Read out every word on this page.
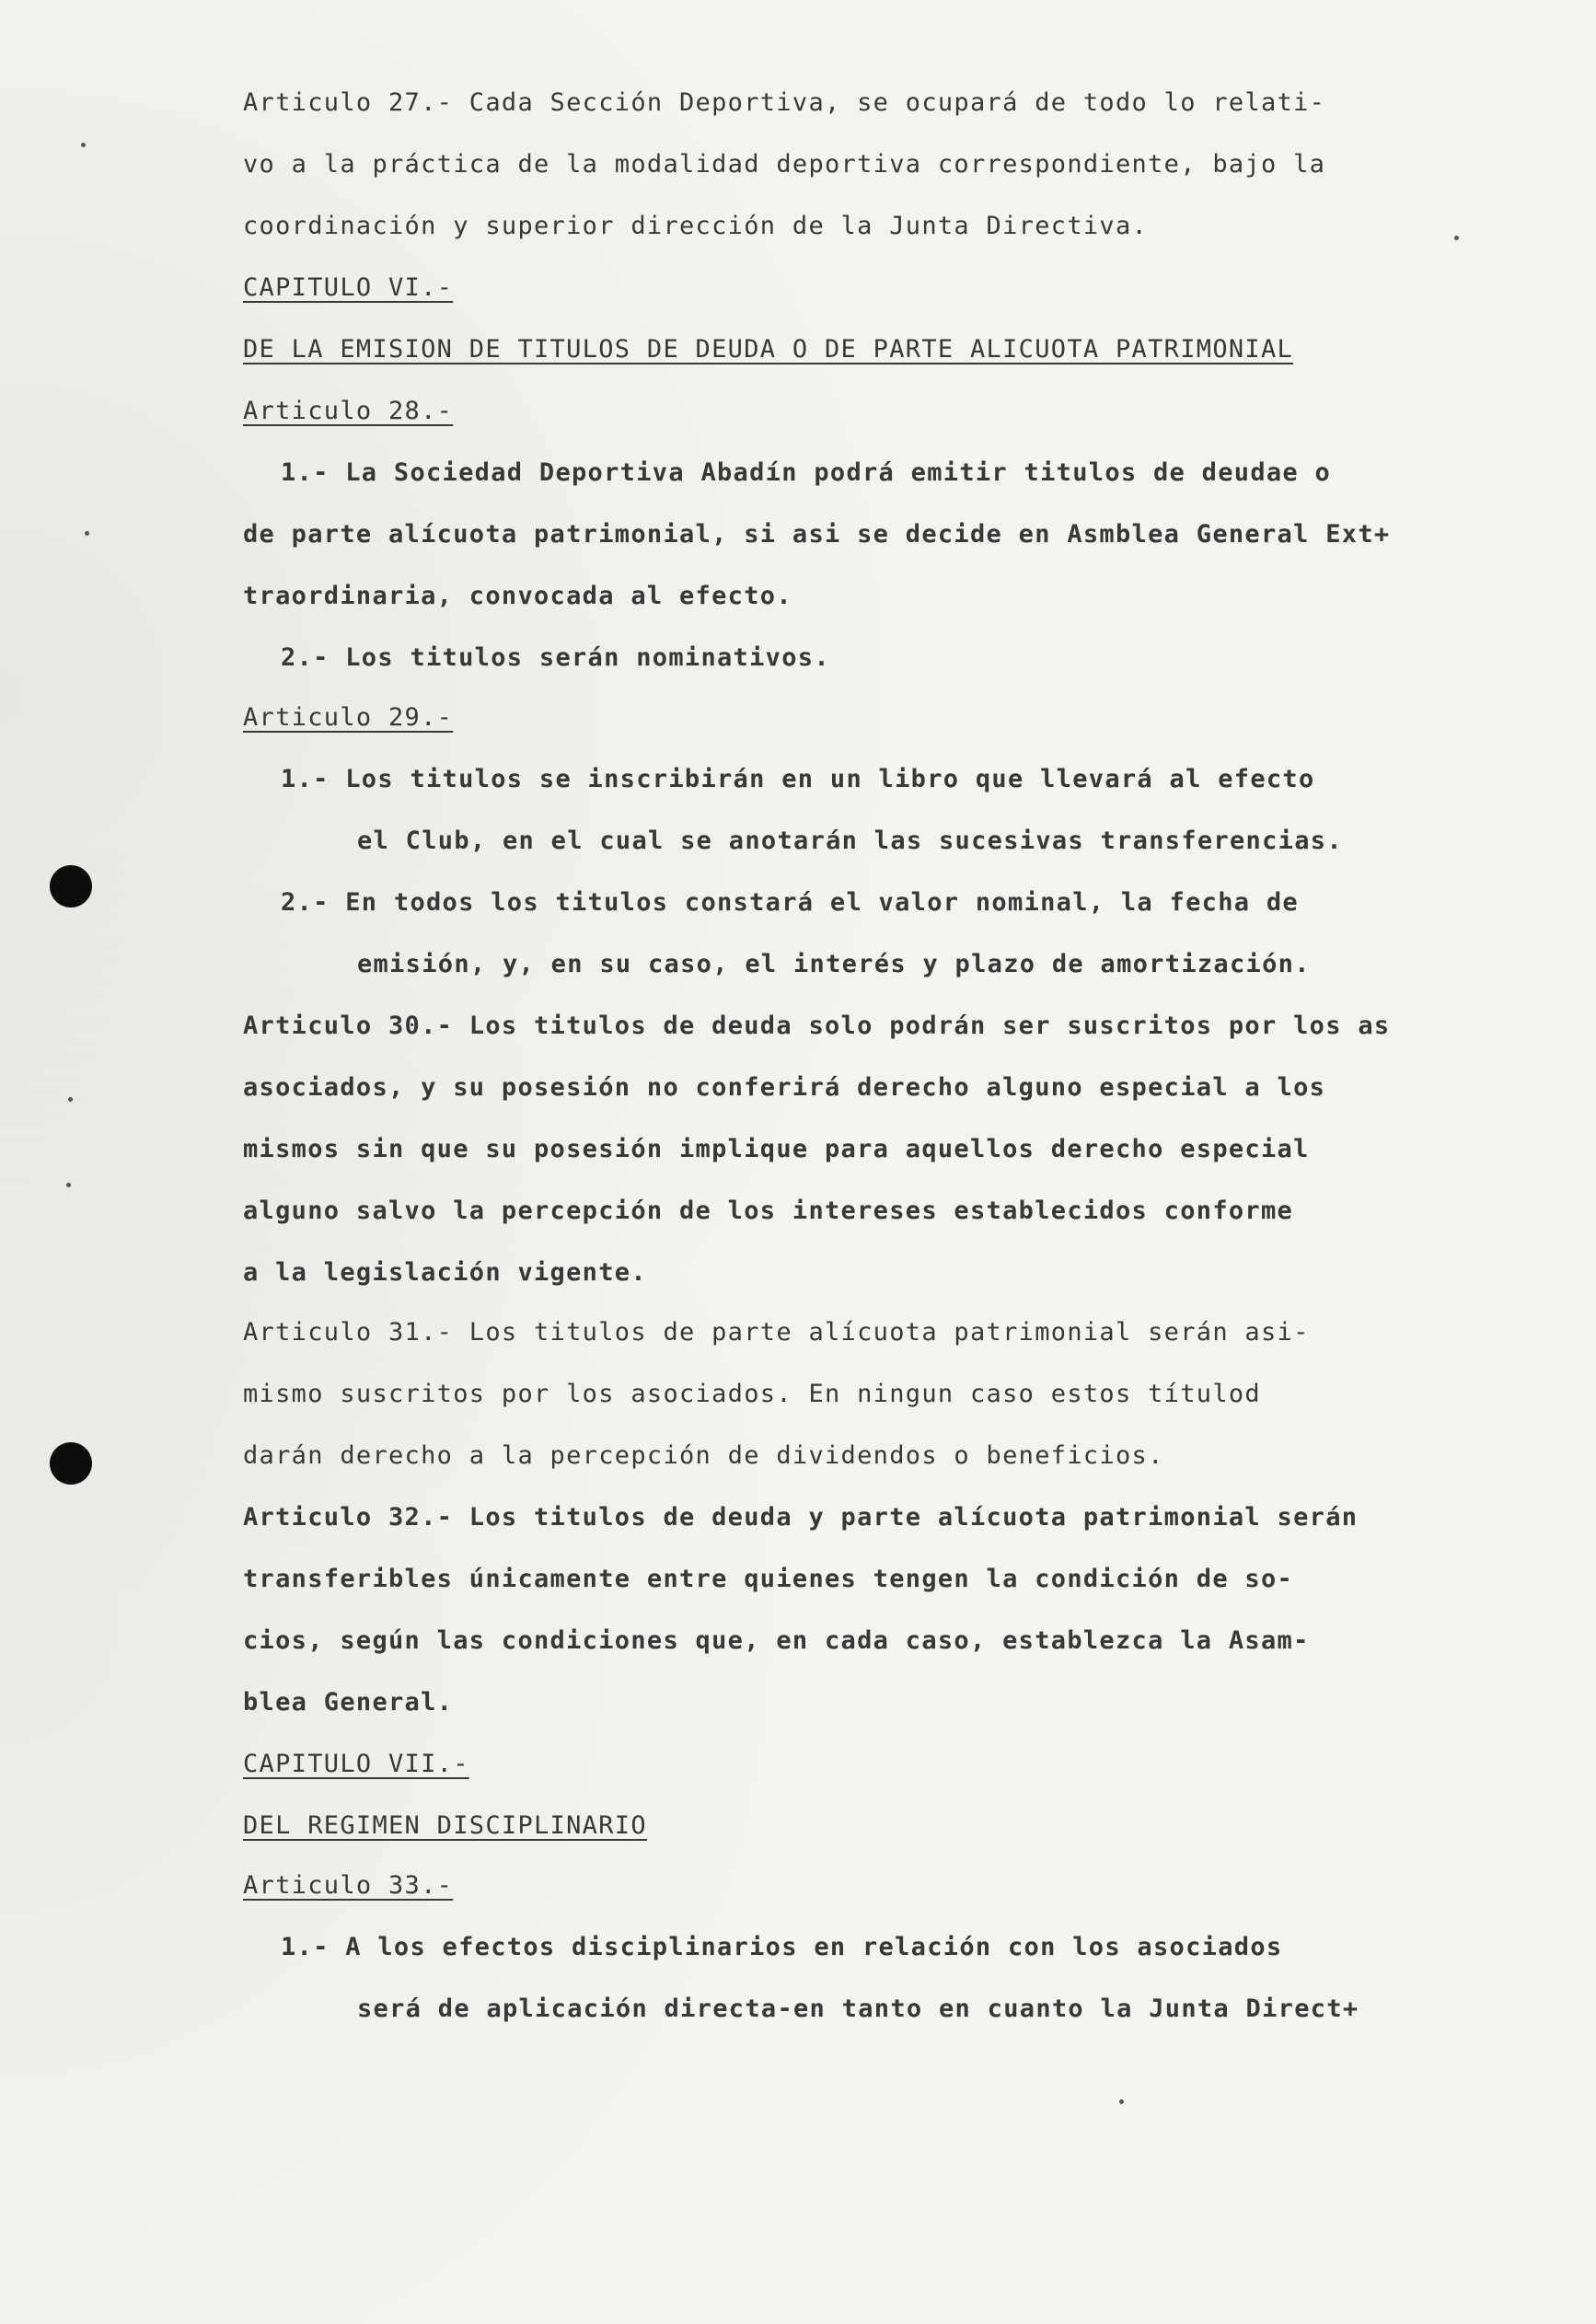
Articulo 27.- Cada Sección Deportiva, se ocupará de todo lo relati-
vo a la práctica de la modalidad deportiva correspondiente, bajo la
coordinación y superior dirección de la Junta Directiva.
CAPITULO VI.-
DE LA EMISION DE TITULOS DE DEUDA O DE PARTE ALICUOTA PATRIMONIAL
Articulo 28.-
1.- La Sociedad Deportiva Abadín podrá emitir titulos de deudae o
de parte alícuota patrimonial, si asi se decide en Asmblea General Ext+
traordinaria, convocada al efecto.
2.- Los titulos serán nominativos.
Articulo 29.-
1.- Los titulos se inscribirán en un libro que llevará al efecto
el Club, en el cual se anotarán las sucesivas transferencias.
2.- En todos los titulos constará el valor nominal, la fecha de
emisión, y, en su caso, el interés y plazo de amortización.
Articulo 30.- Los titulos de deuda solo podrán ser suscritos por los as
asociados, y su posesión no conferirá derecho alguno especial a los
mismos sin que su posesión implique para aquellos derecho especial
alguno salvo la percepción de los intereses establecidos conforme
a la legislación vigente.
Articulo 31.- Los titulos de parte alícuota patrimonial serán asi-
mismo suscritos por los asociados. En ningun caso estos títulod
darán derecho a la percepción de dividendos o beneficios.
Articulo 32.- Los titulos de deuda y parte alícuota patrimonial serán
transferibles únicamente entre quienes tengen la condición de so-
cios, según las condiciones que, en cada caso, establezca la Asam-
blea General.
CAPITULO VII.-
DEL REGIMEN DISCIPLINARIO
Articulo 33.-
1.- A los efectos disciplinarios en relación con los asociados
será de aplicación directa-en tanto en cuanto la Junta Direct+
